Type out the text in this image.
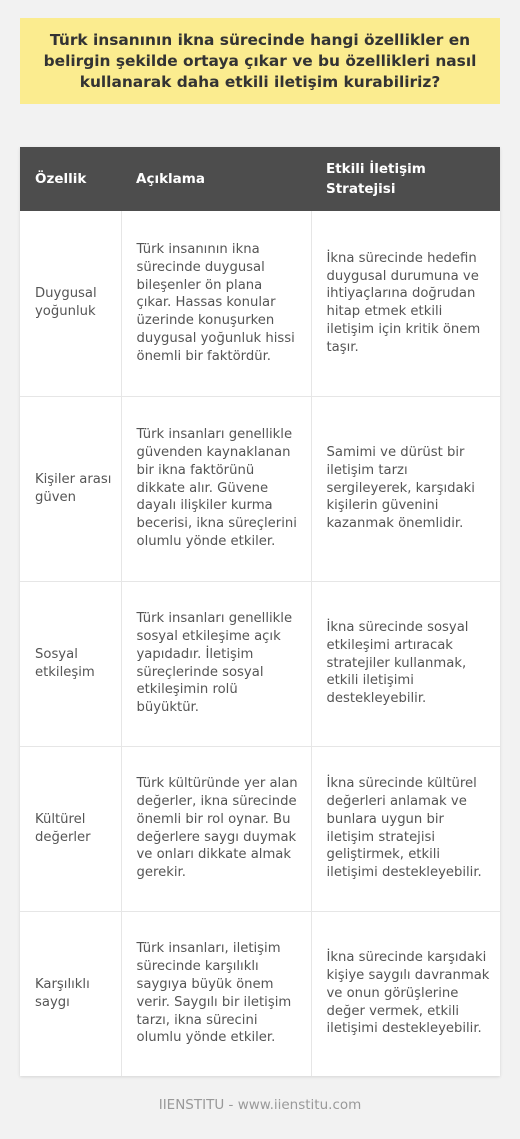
Türk insanının ikna sürecinde hangi özellikler en belirgin şekilde ortaya çıkar ve bu özellikleri nasıl kullanarak daha etkili iletişim kurabiliriz?
Özellik	Açıklama	Etkili İletişim Stratejisi
Duygusal yoğunluk	Türk insanının ikna sürecinde duygusal bileşenler ön plana çıkar. Hassas konular üzerinde konuşurken duygusal yoğunluk hissi önemli bir faktördür.	İkna sürecinde hedefin duygusal durumuna ve ihtiyaçlarına doğrudan hitap etmek etkili iletişim için kritik önem taşır.
Kişiler arası güven	Türk insanları genellikle güvenden kaynaklanan bir ikna faktörünü dikkate alır. Güvene dayalı ilişkiler kurma becerisi, ikna süreçlerini olumlu yönde etkiler.	Samimi ve dürüst bir iletişim tarzı sergileyerek, karşıdaki kişilerin güvenini kazanmak önemlidir.
Sosyal etkileşim	Türk insanları genellikle sosyal etkileşime açık yapıdadır. İletişim süreçlerinde sosyal etkileşimin rolü büyüktür.	İkna sürecinde sosyal etkileşimi artıracak stratejiler kullanmak, etkili iletişimi destekleyebilir.
Kültürel değerler	Türk kültüründe yer alan değerler, ikna sürecinde önemli bir rol oynar. Bu değerlere saygı duymak ve onları dikkate almak gerekir.	İkna sürecinde kültürel değerleri anlamak ve bunlara uygun bir iletişim stratejisi geliştirmek, etkili iletişimi destekleyebilir.
Karşılıklı saygı	Türk insanları, iletişim sürecinde karşılıklı saygıya büyük önem verir. Saygılı bir iletişim tarzı, ikna sürecini olumlu yönde etkiler.	İkna sürecinde karşıdaki kişiye saygılı davranmak ve onun görüşlerine değer vermek, etkili iletişimi destekleyebilir.
IIENSTITU - www.iienstitu.com
